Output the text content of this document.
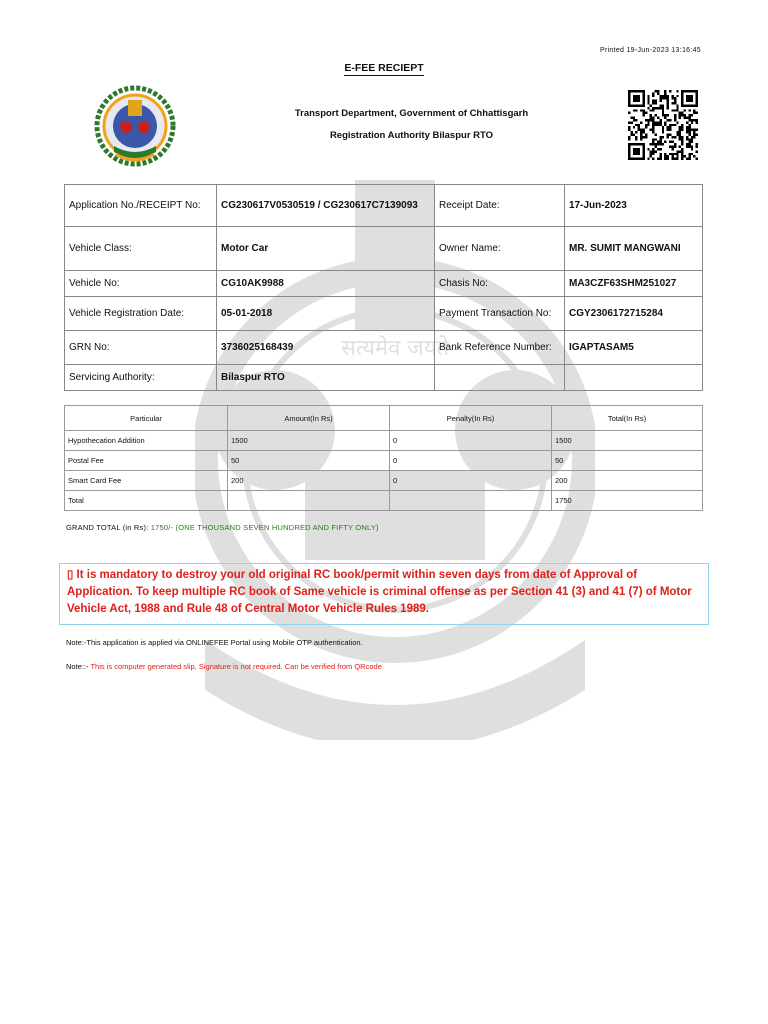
Printed 19-Jun-2023 13:16:45
E-FEE RECIEPT
Transport Department, Government of Chhattisgarh
Registration Authority Bilaspur RTO
सत्यमेव जयते
Application No./RECEIPT No:	CG230617V0530519 / CG230617C7139093	Receipt Date:	17-Jun-2023
Vehicle Class:	Motor Car	Owner Name:	MR. SUMIT MANGWANI
Vehicle No:	CG10AK9988	Chasis No:	MA3CZF63SHM251027
Vehicle Registration Date:	05-01-2018	Payment Transaction No:	CGY2306172715284
GRN No:	3736025168439	Bank Reference Number:	IGAPTASAM5
Servicing Authority:	Bilaspur RTO		
Particular	Amount(In Rs)	Penalty(In Rs)	Total(In Rs)
Hypothecation Addition	1500	0	1500
Postal Fee	50	0	50
Smart Card Fee	200	0	200
Total			1750
GRAND TOTAL (in Rs): 1750/- (ONE THOUSAND SEVEN HUNDRED AND FIFTY ONLY)
▯ It is mandatory to destroy your old original RC book/permit within seven days from date of Approval of Application. To keep multiple RC book of Same vehicle is criminal offense as per Section 41 (3) and 41 (7) of Motor Vehicle Act, 1988 and Rule 48 of Central Motor Vehicle Rules 1989.
Note:-This application is applied via ONLINEFEE Portal using Mobile OTP authentication.
Note::- This is computer generated slip, Signature is not required. Can be verified from QRcode
